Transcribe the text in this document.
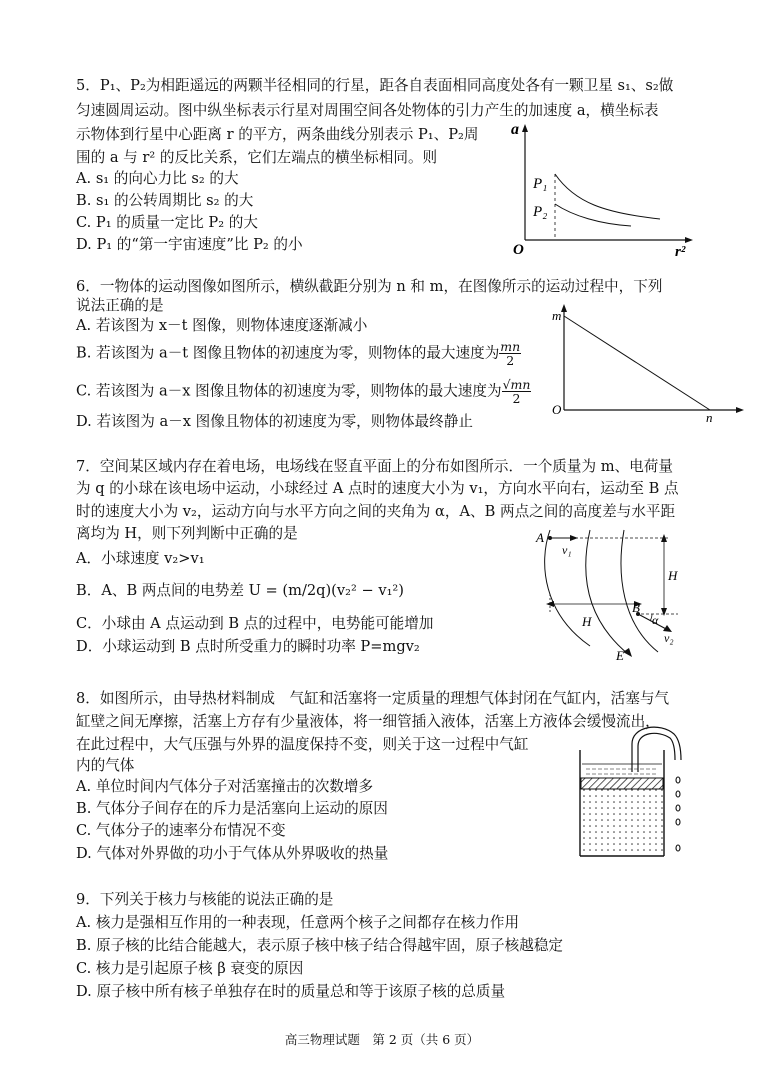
5．P₁、P₂为相距遥远的两颗半径相同的行星，距各自表面相同高度处各有一颗卫星 s₁、s₂做
匀速圆周运动。图中纵坐标表示行星对周围空间各处物体的引力产生的加速度 a，横坐标表
示物体到行星中心距离 r 的平方，两条曲线分别表示 P₁、P₂周
围的 a 与 r² 的反比关系，它们左端点的横坐标相同。则
A. s₁ 的向心力比 s₂ 的大
B. s₁ 的公转周期比 s₂ 的大
C. P₁ 的质量一定比 P₂ 的大
D. P₁ 的“第一宇宙速度”比 P₂ 的小
a
r²
O
P₁
P₂
6．一物体的运动图像如图所示，横纵截距分别为 n 和 m，在图像所示的运动过程中，下列
说法正确的是
A. 若该图为 x－t 图像，则物体速度逐渐减小
B. 若该图为 a－t 图像且物体的初速度为零，则物体的最大速度为 $\frac{mn}{2}$
C. 若该图为 a－x 图像且物体的初速度为零，则物体的最大速度为 $\frac{√mn}{2}$
D. 若该图为 a－x 图像且物体的初速度为零，则物体最终静止
m
n
O
7．空间某区域内存在着电场，电场线在竖直平面上的分布如图所示．一个质量为 m、电荷量
为 q 的小球在该电场中运动，小球经过 A 点时的速度大小为 v₁，方向水平向右，运动至 B 点
时的速度大小为 v₂，运动方向与水平方向之间的夹角为 α，A、B 两点之间的高度差与水平距
离均为 H，则下列判断中正确的是
A．小球速度 v₂>v₁
B．A、B 两点间的电势差 U = (m/2q)(v₂² − v₁²)
C．小球由 A 点运动到 B 点的过程中，电势能可能增加
D．小球运动到 B 点时所受重力的瞬时功率 P=mgv₂
A
v₁
H
H
B
α
v₂
E
8．如图所示，由导热材料制成　气缸和活塞将一定质量的理想气体封闭在气缸内，活塞与气
缸壁之间无摩擦，活塞上方存有少量液体，将一细管插入液体，活塞上方液体会缓慢流出，
在此过程中，大气压强与外界的温度保持不变，则关于这一过程中气缸
内的气体
A. 单位时间内气体分子对活塞撞击的次数增多
B. 气体分子间存在的斥力是活塞向上运动的原因
C. 气体分子的速率分布情况不变
D. 气体对外界做的功小于气体从外界吸收的热量
9．下列关于核力与核能的说法正确的是
A. 核力是强相互作用的一种表现，任意两个核子之间都存在核力作用
B. 原子核的比结合能越大，表示原子核中核子结合得越牢固，原子核越稳定
C. 核力是引起原子核 β 衰变的原因
D. 原子核中所有核子单独存在时的质量总和等于该原子核的总质量
高三物理试题　第 2 页（共 6 页）
